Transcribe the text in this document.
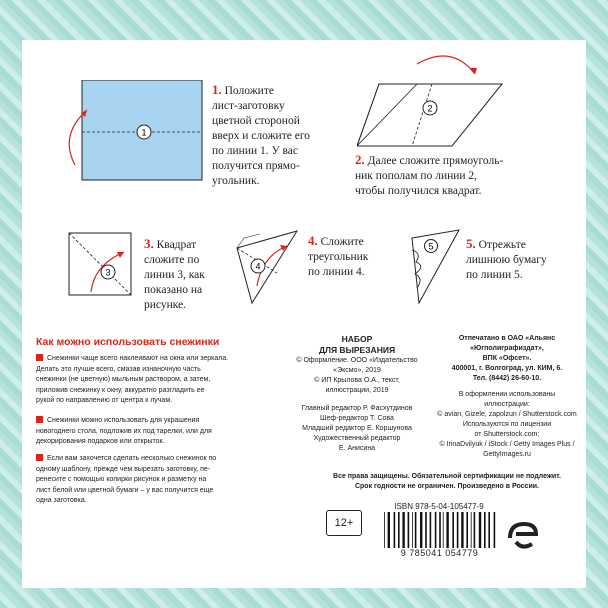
1
1. Положите
лист-заготовку
цветной стороной
вверх и сложите его
по линии 1. У вас
получится прямо-
угольник.
2
2. Далее сложите прямоуголь-
ник пополам по линии 2,
чтобы получился квадрат.
3
3. Квадрат
сложите по
линии 3, как
показано на
рисунке.
4
4. Сложите
треугольник
по линии 4.
5 5. Отрежьте
лишнюю бумагу
по линии 5.
Как можно использовать снежинки
Снежинки чаще всего наклеивают на окна или зеркала.
Делать это лучше всего, смазав изнаночную часть
снежинки (не цветную) мыльным раствором, а затем,
приложив снежинку к окну, аккуратно разгладить ее
рукой по направлению от центра к лучам.
Снежинки можно использовать для украшения
новогоднего стола, подложив их под тарелки, или для
декорирования подарков или открыток.
Если вам захочется сделать несколько снежинок по
одному шаблону, прежде чем вырезать заготовку, пе-
ренесите с помощью копирки рисунок и разметку на
лист белой или цветной бумаги – у вас получится еще
одна заготовка.
НАБОР
ДЛЯ ВЫРЕЗАНИЯ
© Оформление. ООО «Издательство
«Эксмо», 2019
© ИП Крылова О.А., текст,
иллюстрации, 2019
Главный редактор Р. Фасхутдинов
Шеф-редактор Т. Сова
Младший редактор Е. Коршунова
Художественный редактор
Е. Анисина
Отпечатано в ОАО «Альянс
«Югполиграфиздат»,
ВПК «Офсет».
400001, г. Волгоград, ул. КИМ, 6.
Тел. (8442) 26-60-10.
В оформлении использованы
иллюстрации:
© avian, Gizele, zapolzun / Shutterstock.com
Используются по лицензии
от Shutterstock.com;
© IrinaDvilyuk / iStock / Getty Images Plus /
GettyImages.ru
Все права защищены. Обязательной сертификации не подлежит.
Срок годности не ограничен. Произведено в России.
12+
ISBN 978-5-04-105477-9
9 785041 054779
